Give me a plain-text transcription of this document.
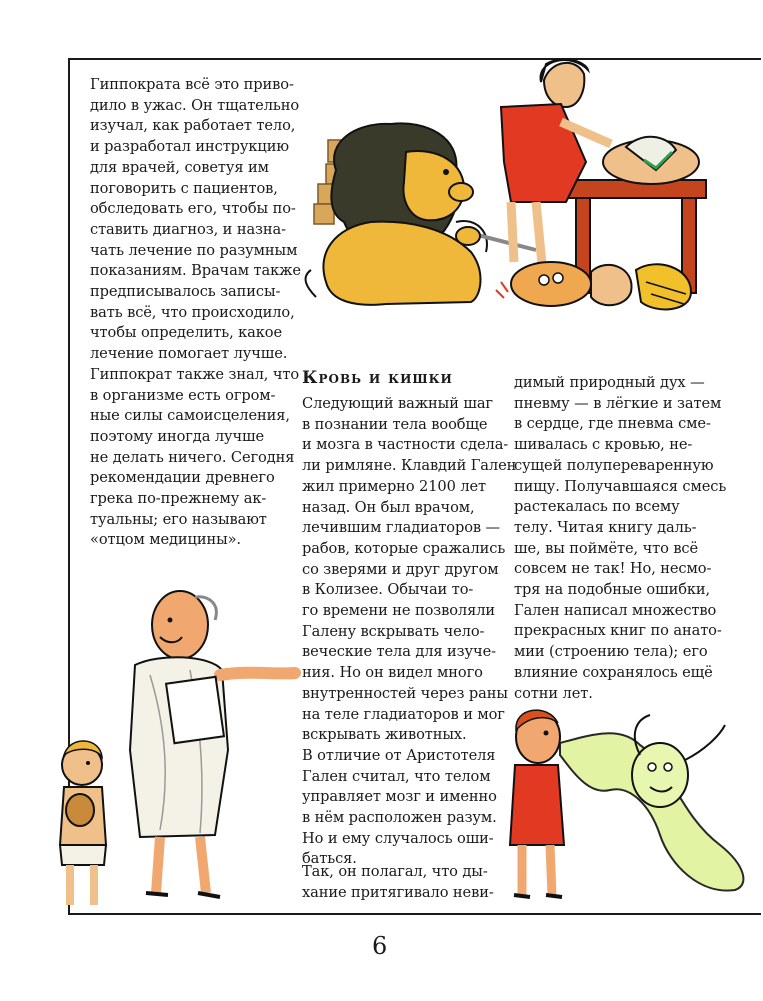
Гиппократа всё это приво-
дило в ужас. Он тщательно
изучал, как работает тело,
и разработал инструкцию
для врачей, советуя им
поговорить с пациентов,
обследовать его, чтобы по-
ставить диагноз, и назна-
чать лечение по разумным
показаниям. Врачам также
предписывалось записы-
вать всё, что происходило,
чтобы определить, какое
лечение помогает лучше.
Гиппократ также знал, что
в организме есть огром-
ные силы самоисцеления,
поэтому иногда лучше
не делать ничего. Сегодня
рекомендации древнего
грека по-прежнему ак-
туальны; его называют
«отцом медицины».
Кровь и кишки
Следующий важный шаг
в познании тела вообще
и мозга в частности сдела-
ли римляне. Клавдий Гален
жил примерно 2100 лет
назад. Он был врачом,
лечившим гладиаторов —
рабов, которые сражались
со зверями и друг другом
в Колизее. Обычаи то-
го времени не позволяли
Галену вскрывать чело-
веческие тела для изуче-
ния. Но он видел много
внутренностей через раны
на теле гладиаторов и мог
вскрывать животных.
В отличие от Аристотеля
Гален считал, что телом
управляет мозг и именно
в нём расположен разум.
Но и ему случалось оши-
баться.
Так, он полагал, что ды-
хание притягивало неви-
димый природный дух —
пневму — в лёгкие и затем
в сердце, где пневма сме-
шивалась с кровью, не-
сущей полупереваренную
пищу. Получавшаяся смесь
растекалась по всему
телу. Читая книгу даль-
ше, вы поймёте, что всё
совсем не так! Но, несмо-
тря на подобные ошибки,
Гален написал множество
прекрасных книг по анато-
мии (строению тела); его
влияние сохранялось ещё
сотни лет.
6
